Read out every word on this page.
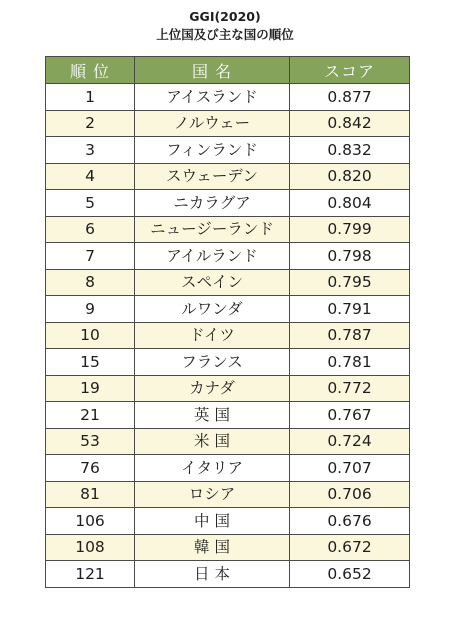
GGI(2020)
上位国及び主な国の順位
順 位	国 名	スコア
1	アイスランド	0.877
2	ノルウェー	0.842
3	フィンランド	0.832
4	スウェーデン	0.820
5	ニカラグア	0.804
6	ニュージーランド	0.799
7	アイルランド	0.798
8	スペイン	0.795
9	ルワンダ	0.791
10	ドイツ	0.787
15	フランス	0.781
19	カナダ	0.772
21	英 国	0.767
53	米 国	0.724
76	イタリア	0.707
81	ロシア	0.706
106	中 国	0.676
108	韓 国	0.672
121	日 本	0.652
